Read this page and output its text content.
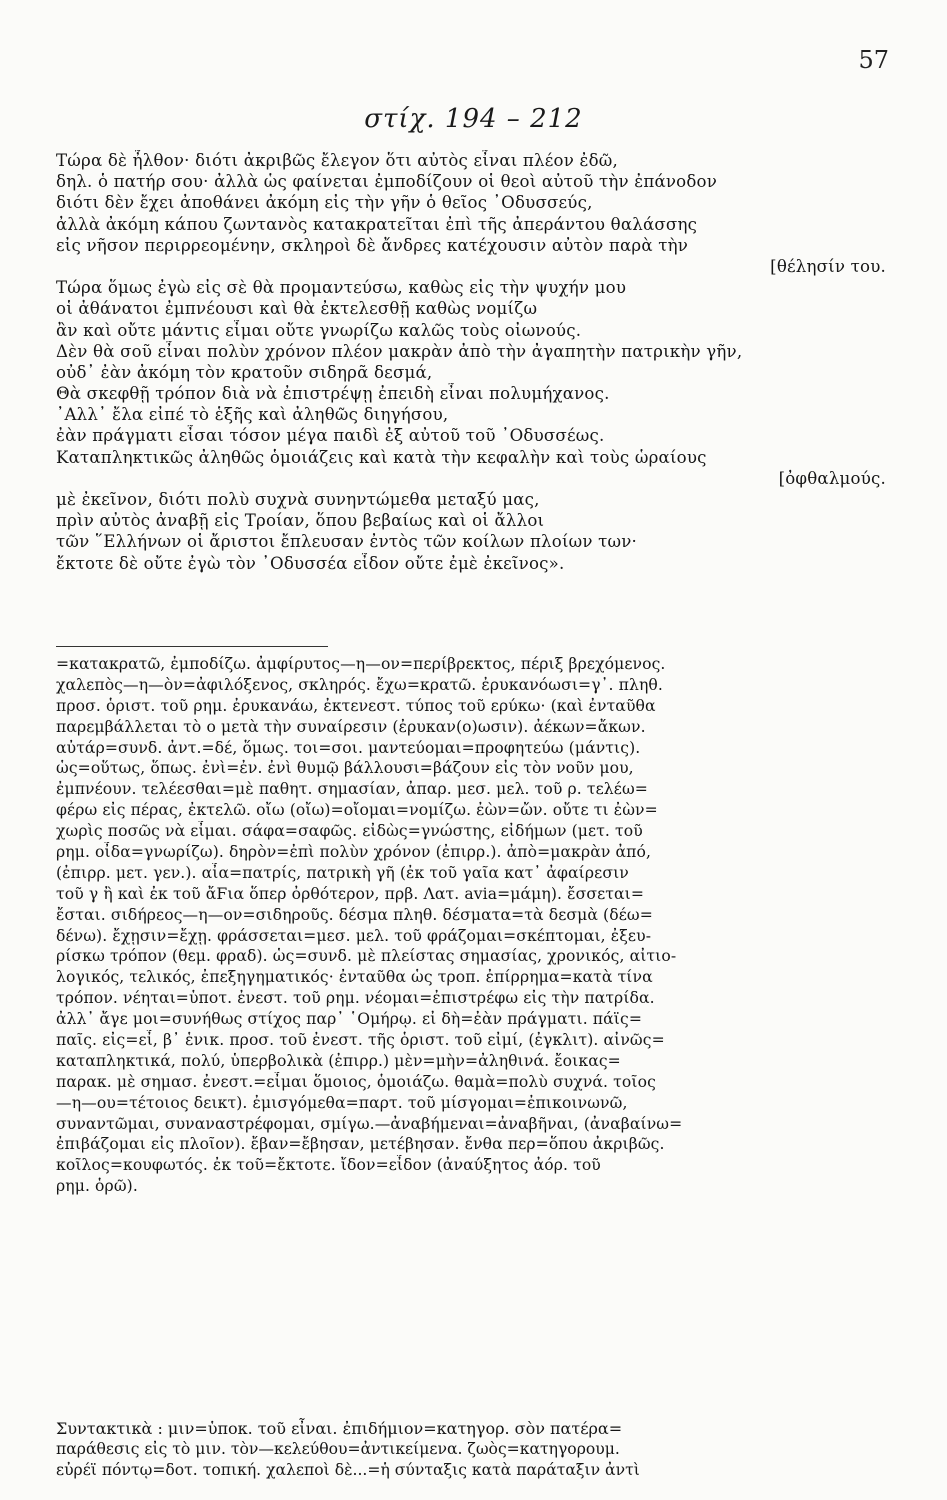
57
στίχ. 194 – 212
Τώρα δὲ ἦλθον· διότι ἀκριβῶς ἔλεγον ὅτι αὐτὸς εἶναι πλέον ἐδῶ,
δηλ. ὁ πατήρ σου· ἀλλὰ ὡς φαίνεται ἐμποδίζουν οἱ θεοὶ αὐτοῦ τὴν ἐπάνοδον
διότι δὲν ἔχει ἀποθάνει ἀκόμη εἰς τὴν γῆν ὁ θεῖος ᾿Οδυσσεύς,
ἀλλὰ ἀκόμη κάπου ζωντανὸς κατακρατεῖται ἐπὶ τῆς ἀπεράντου θαλάσσης
εἰς νῆσον περιρρεομένην, σκληροὶ δὲ ἄνδρες κατέχουσιν αὐτὸν παρὰ τὴν
[θέλησίν του.
Τώρα ὅμως ἐγὼ εἰς σὲ θὰ προμαντεύσω, καθὼς εἰς τὴν ψυχήν μου
οἱ ἀθάνατοι ἐμπνέουσι καὶ θὰ ἐκτελεσθῇ καθὼς νομίζω
ἂν καὶ οὔτε μάντις εἶμαι οὔτε γνωρίζω καλῶς τοὺς οἰωνούς.
Δὲν θὰ σοῦ εἶναι πολὺν χρόνον πλέον μακρὰν ἀπὸ τὴν ἀγαπητὴν πατρικὴν γῆν,
οὐδ᾿ ἐὰν ἀκόμη τὸν κρατοῦν σιδηρᾶ δεσμά,
Θὰ σκεφθῇ τρόπον διὰ νὰ ἐπιστρέψῃ ἐπειδὴ εἶναι πολυμήχανος.
᾿Αλλ᾿ ἔλα εἰπέ τὸ ἑξῆς καὶ ἀληθῶς διηγήσου,
ἐὰν πράγματι εἶσαι τόσον μέγα παιδὶ ἐξ αὐτοῦ τοῦ ᾿Οδυσσέως.
Καταπληκτικῶς ἀληθῶς ὁμοιάζεις καὶ κατὰ τὴν κεφαλὴν καὶ τοὺς ὡραίους
[ὀφθαλμούς.
μὲ ἐκεῖνον, διότι πολὺ συχνὰ συνηντώμεθα μεταξύ μας,
πρὶν αὐτὸς ἀναβῇ εἰς Τροίαν, ὅπου βεβαίως καὶ οἱ ἄλλοι
τῶν ῞Ελλήνων οἱ ἄριστοι ἔπλευσαν ἐντὸς τῶν κοίλων πλοίων των·
ἔκτοτε δὲ οὔτε ἐγὼ τὸν ᾿Οδυσσέα εἶδον οὔτε ἐμὲ ἐκεῖνος».
=κατακρατῶ, ἐμποδίζω. ἀμφίρυτος—η—ον=περίβρεκτος, πέριξ βρεχόμενος.
χαλεπὸς—η—ὸν=ἀφιλόξενος, σκληρός. ἔχω=κρατῶ. ἐρυκανόωσι=γ᾿. πληθ.
προσ. ὁριστ. τοῦ ρημ. ἐρυκανάω, ἐκτενεστ. τύπος τοῦ ερύκω· (καὶ ἐνταῦθα
παρεμβάλλεται τὸ ο μετὰ τὴν συναίρεσιν (ἐρυκαν(ο)ωσιν). ἀέκων=ἄκων.
αὐτάρ=συνδ. ἀντ.=δέ, ὅμως. τοι=σοι. μαντεύομαι=προφητεύω (μάντις).
ὡς=οὕτως, ὅπως. ἐνὶ=ἐν. ἐνὶ θυμῷ βάλλουσι=βάζουν εἰς τὸν νοῦν μου,
ἐμπνέουν. τελέεσθαι=μὲ παθητ. σημασίαν, ἀπαρ. μεσ. μελ. τοῦ ρ. τελέω=
φέρω εἰς πέρας, ἐκτελῶ. οἴω (οἴω)=οἴομαι=νομίζω. ἐὼν=ὤν. οὔτε τι ἐὼν=
χωρὶς ποσῶς νὰ εἶμαι. σάφα=σαφῶς. εἰδὼς=γνώστης, εἰδήμων (μετ. τοῦ
ρημ. οἶδα=γνωρίζω). δηρὸν=ἐπὶ πολὺν χρόνον (ἐπιρρ.). ἀπὸ=μακρὰν ἀπό,
(ἐπιρρ. μετ. γεν.). αἶα=πατρίς, πατρικὴ γῆ (ἐκ τοῦ γαῖα κατ᾿ ἀφαίρεσιν
τοῦ γ ἢ καὶ ἐκ τοῦ ἄϜια ὅπερ ὀρθότερον, πρβ. Λατ. avia=μάμη). ἔσσεται=
ἔσται. σιδήρεος—η—ον=σιδηροῦς. δέσμα πληθ. δέσματα=τὰ δεσμὰ (δέω=
δένω). ἔχῃσιν=ἔχῃ. φράσσεται=μεσ. μελ. τοῦ φράζομαι=σκέπτομαι, ἐξευ-
ρίσκω τρόπον (θεμ. φραδ). ὡς=συνδ. μὲ πλείστας σημασίας, χρονικός, αἰτιο-
λογικός, τελικός, ἐπεξηγηματικός· ἐνταῦθα ὡς τροπ. ἐπίρρημα=κατὰ τίνα
τρόπον. νέηται=ὑποτ. ἐνεστ. τοῦ ρημ. νέομαι=ἐπιστρέφω εἰς τὴν πατρίδα.
ἀλλ᾿ ἄγε μοι=συνήθως στίχος παρ᾿ ῾Ομήρῳ. εἰ δὴ=ἐὰν πράγματι. πάϊς=
παῖς. εἰς=εἶ, β᾿ ἑνικ. προσ. τοῦ ἐνεστ. τῆς ὁριστ. τοῦ εἰμί, (ἐγκλιτ). αἰνῶς=
καταπληκτικά, πολύ, ὑπερβολικὰ (ἐπιρρ.) μὲν=μὴν=ἀληθινά. ἔοικας=
παρακ. μὲ σημασ. ἐνεστ.=εἶμαι ὅμοιος, ὁμοιάζω. θαμὰ=πολὺ συχνά. τοῖος
—η—ου=τέτοιος δεικτ). ἐμισγόμεθα=παρτ. τοῦ μίσγομαι=ἐπικοινωνῶ,
συναντῶμαι, συναναστρέφομαι, σμίγω.—ἀναβήμεναι=ἀναβῆναι, (ἀναβαίνω=
ἐπιβάζομαι εἰς πλοῖον). ἔβαν=ἔβησαν, μετέβησαν. ἔνθα περ=ὅπου ἀκριβῶς.
κοῖλος=κουφωτός. ἐκ τοῦ=ἔκτοτε. ἴδον=εἶδον (ἀναύξητος ἀόρ. τοῦ
ρημ. ὁρῶ).
Συντακτικὰ : μιν=ὑποκ. τοῦ εἶναι. ἐπιδήμιον=κατηγορ. σὸν πατέρα=
παράθεσις εἰς τὸ μιν. τὸν—κελεύθου=ἀντικείμενα. ζωὸς=κατηγορουμ.
εὐρέϊ πόντῳ=δοτ. τοπική. χαλεποὶ δὲ...=ἡ σύνταξις κατὰ παράταξιν ἀντὶ
